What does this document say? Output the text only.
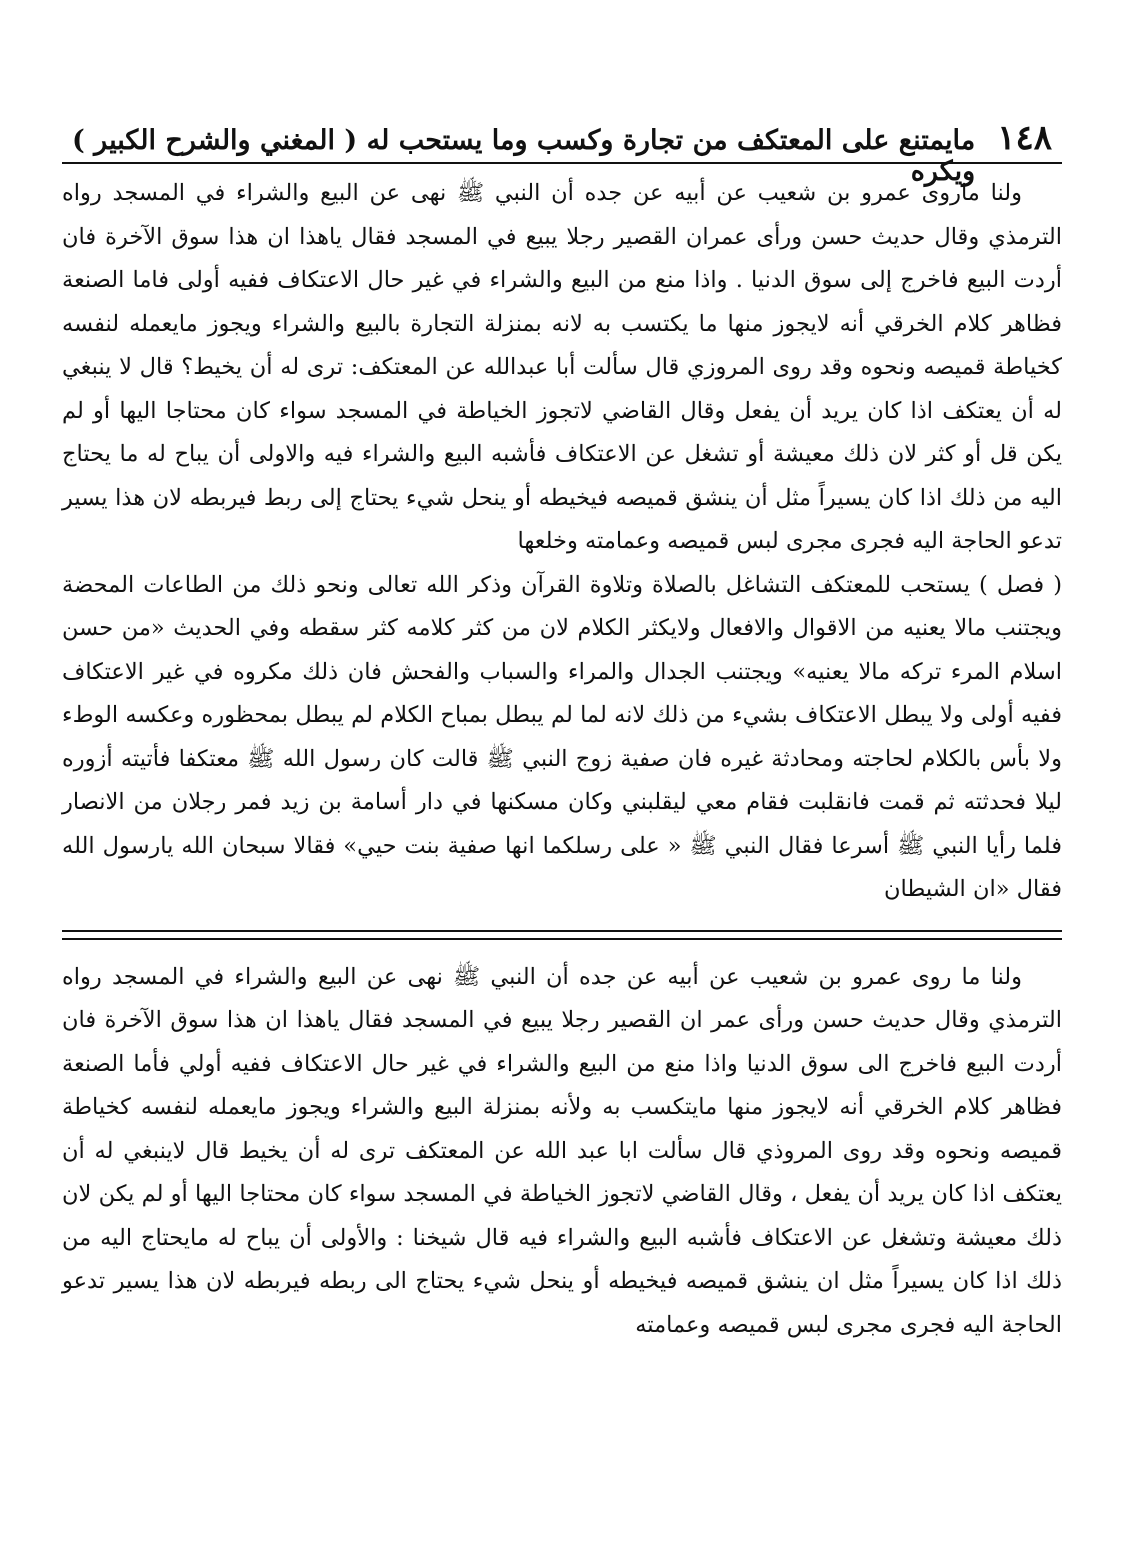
١٤٨
مايمتنع على المعتكف من تجارة وكسب وما يستحب له ويكره
( المغني والشرح الكبير )

ولنا ماروى عمرو بن شعيب عن أبيه عن جده أن النبي ﷺ نهى عن البيع والشراء في المسجد رواه الترمذي وقال حديث حسن ورأى عمران القصير رجلا يبيع في المسجد فقال ياهذا ان هذا سوق الآخرة فان أردت البيع فاخرج إلى سوق الدنيا . واذا منع من البيع والشراء في غير حال الاعتكاف ففيه أولى فاما الصنعة فظاهر كلام الخرقي أنه لايجوز منها ما يكتسب به لانه بمنزلة التجارة بالبيع والشراء ويجوز مايعمله لنفسه كخياطة قميصه ونحوه وقد روى المروزي قال سألت أبا عبدالله عن المعتكف: ترى له أن يخيط؟ قال لا ينبغي له أن يعتكف اذا كان يريد أن يفعل وقال القاضي لاتجوز الخياطة في المسجد سواء كان محتاجا اليها أو لم يكن قل أو كثر لان ذلك معيشة أو تشغل عن الاعتكاف فأشبه البيع والشراء فيه والاولى أن يباح له ما يحتاج اليه من ذلك اذا كان يسيراً مثل أن ينشق قميصه فيخيطه أو ينحل شيء يحتاج إلى ربط فيربطه لان هذا يسير تدعو الحاجة اليه فجرى مجرى لبس قميصه وعمامته وخلعها

( فصل ) يستحب للمعتكف التشاغل بالصلاة وتلاوة القرآن وذكر الله تعالى ونحو ذلك من الطاعات المحضة ويجتنب مالا يعنيه من الاقوال والافعال ولايكثر الكلام لان من كثر كلامه كثر سقطه وفي الحديث «من حسن اسلام المرء تركه مالا يعنيه» ويجتنب الجدال والمراء والسباب والفحش فان ذلك مكروه في غير الاعتكاف ففيه أولى ولا يبطل الاعتكاف بشيء من ذلك لانه لما لم يبطل بمباح الكلام لم يبطل بمحظوره وعكسه الوطء ولا بأس بالكلام لحاجته ومحادثة غيره فان صفية زوج النبي ﷺ قالت كان رسول الله ﷺ معتكفا فأتيته أزوره ليلا فحدثته ثم قمت فانقلبت فقام معي ليقلبني وكان مسكنها في دار أسامة بن زيد فمر رجلان من الانصار فلما رأيا النبي ﷺ أسرعا فقال النبي ﷺ « على رسلكما انها صفية بنت حيي» فقالا سبحان الله يارسول الله فقال «ان الشيطان

ولنا ما روى عمرو بن شعيب عن أبيه عن جده أن النبي ﷺ نهى عن البيع والشراء في المسجد رواه الترمذي وقال حديث حسن ورأى عمر ان القصير رجلا يبيع في المسجد فقال ياهذا ان هذا سوق الآخرة فان أردت البيع فاخرج الى سوق الدنيا واذا منع من البيع والشراء في غير حال الاعتكاف ففيه أولي فأما الصنعة فظاهر كلام الخرقي أنه لايجوز منها مايتكسب به ولأنه بمنزلة البيع والشراء ويجوز مايعمله لنفسه كخياطة قميصه ونحوه وقد روى المروذي قال سألت ابا عبد الله عن المعتكف ترى له أن يخيط قال لاينبغي له أن يعتكف اذا كان يريد أن يفعل ، وقال القاضي لاتجوز الخياطة في المسجد سواء كان محتاجا اليها أو لم يكن لان ذلك معيشة وتشغل عن الاعتكاف فأشبه البيع والشراء فيه قال شيخنا : والأولى أن يباح له مايحتاج اليه من ذلك اذا كان يسيراً مثل ان ينشق قميصه فيخيطه أو ينحل شيء يحتاج الى ربطه فيربطه لان هذا يسير تدعو الحاجة اليه فجرى مجرى لبس قميصه وعمامته
